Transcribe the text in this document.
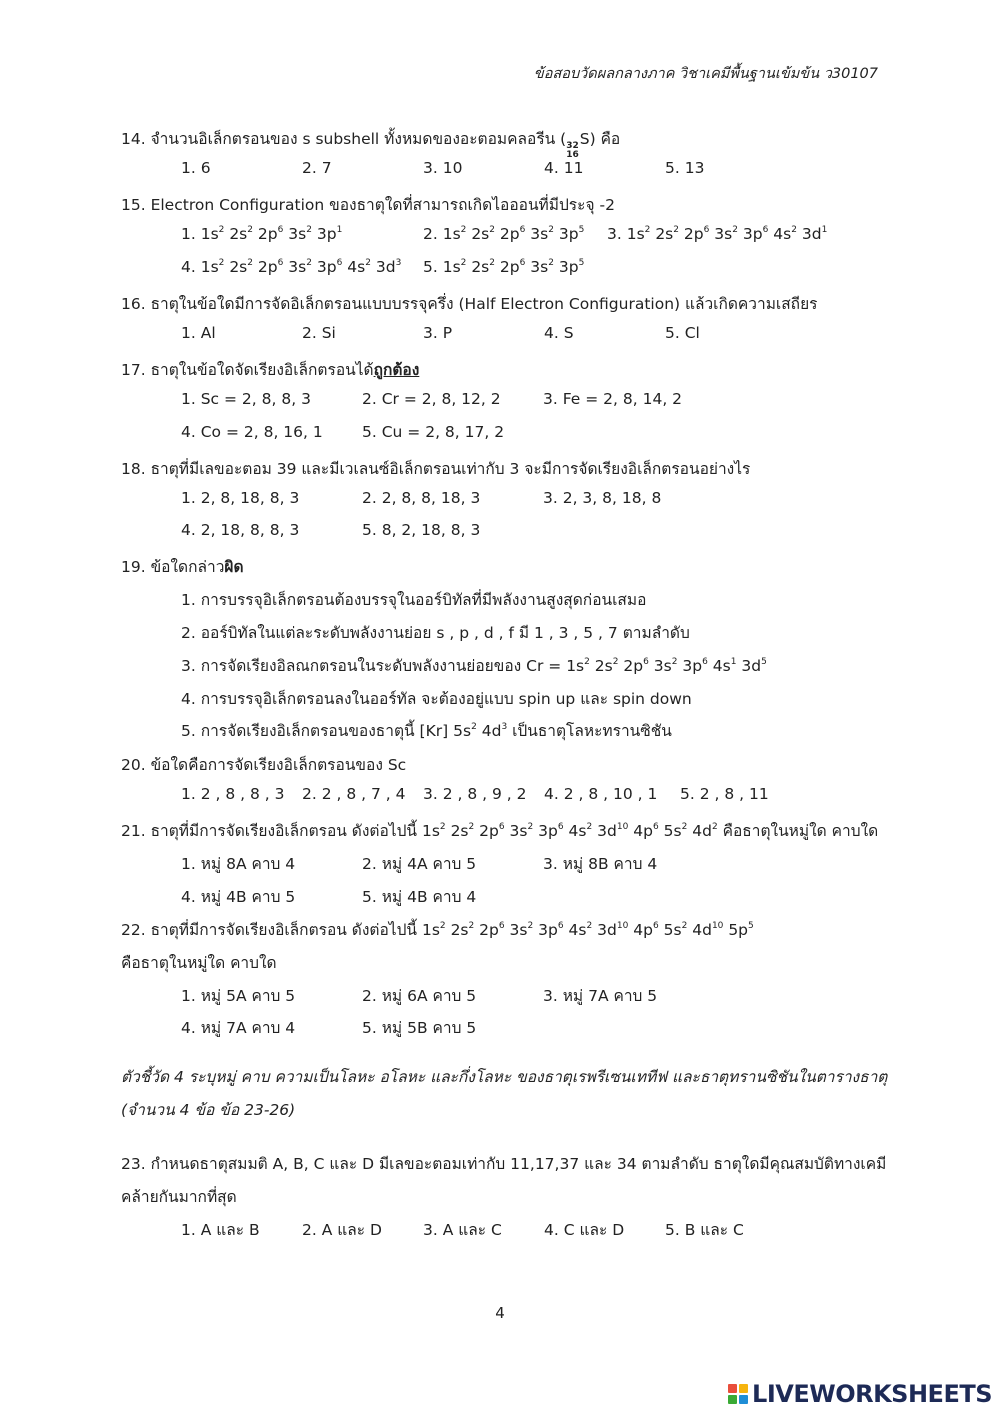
ข้อสอบวัดผลกลางภาค วิชาเคมีพื้นฐานเข้มข้น ว30107
14. จำนวนอิเล็กตรอนของ s subshell ทั้งหมดของอะตอมคลอรีน ( 32
16
S) คือ
1. 6	2. 7	3. 10	4. 11	5. 13
15. Electron Configuration ของธาตุใดที่สามารถเกิดไอออนที่มีประจุ -2
1. $1s^2$ $2s^2$ $2p^6$ $3s^2$ $3p^1$	2. $1s^2$ $2s^2$ $2p^6$ $3s^2$ $3p^5$ 3. $1s^2$ $2s^2$ $2p^6$ $3s^2$ $3p^6$ $4s^2$ $3d^1$
4. $1s^2$ $2s^2$ $2p^6$ $3s^2$ $3p^6$ $4s^2$ $3d^3$ 5. $1s^2$ $2s^2$ $2p^6$ $3s^2$ $3p^5$
16. ธาตุในข้อใดมีการจัดอิเล็กตรอนแบบบรรจุครึ่ง (Half Electron Configuration) แล้วเกิดความเสถียร
1. Al	2. Si	3. P	4. S	5. Cl
17. ธาตุในข้อใดจัดเรียงอิเล็กตรอนได้ถูกต้อง
1. Sc = 2, 8, 8, 3	2. Cr = 2, 8, 12, 2	3. Fe = 2, 8, 14, 2
4. Co = 2, 8, 16, 1	5. Cu = 2, 8, 17, 2
18. ธาตุที่มีเลขอะตอม 39 และมีเวเลนซ์อิเล็กตรอนเท่ากับ 3 จะมีการจัดเรียงอิเล็กตรอนอย่างไร
1. 2, 8, 18, 8, 3	2. 2, 8, 8, 18, 3	3. 2, 3, 8, 18, 8
4. 2, 18, 8, 8, 3	5. 8, 2, 18, 8, 3
19. ข้อใดกล่าวผิด
1. การบรรจุอิเล็กตรอนต้องบรรจุในออร์บิทัลที่มีพลังงานสูงสุดก่อนเสมอ
2. ออร์บิทัลในแต่ละระดับพลังงานย่อย s , p , d , f มี 1 , 3 , 5 , 7 ตามลำดับ
3. การจัดเรียงอิลณกตรอนในระดับพลังงานย่อยของ $Cr = 1s^2$ $2s^2$ $2p^6$ $3s^2$ $3p^6$ $4s^1$ $3d^5$
4. การบรรจุอิเล็กตรอนลงในออร์ทัล จะต้องอยู่แบบ spin up และ spin down
5. การจัดเรียงอิเล็กตรอนของธาตุนี้ [Kr] $5s^2$ $4d^3$ เป็นธาตุโลหะทรานซิชัน
20. ข้อใดคือการจัดเรียงอิเล็กตรอนของ Sc
1. 2 , 8 , 8 , 3 2. 2 , 8 , 7 , 4 3. 2 , 8 , 9 , 2 4. 2 , 8 , 10 , 1 5. 2 , 8 , 11
21. ธาตุที่มีการจัดเรียงอิเล็กตรอน ดังต่อไปนี้ $1s^2$ $2s^2$ $2p^6$ $3s^2$ $3p^6$ $4s^2$ $3d^{10}$ $4p^6$ $5s^2$ $4d^2$ คือธาตุในหมู่ใด คาบใด
1. หมู่ 8A คาบ 4	2. หมู่ 4A คาบ 5	3. หมู่ 8B คาบ 4
4. หมู่ 4B คาบ 5	5. หมู่ 4B คาบ 4
22. ธาตุที่มีการจัดเรียงอิเล็กตรอน ดังต่อไปนี้ $1s^2$ $2s^2$ $2p^6$ $3s^2$ $3p^6$ $4s^2$ $3d^{10}$ $4p^6$ $5s^2$ $4d^{10}$ $5p^5$
คือธาตุในหมู่ใด คาบใด
1. หมู่ 5A คาบ 5	2. หมู่ 6A คาบ 5	3. หมู่ 7A คาบ 5
4. หมู่ 7A คาบ 4	5. หมู่ 5B คาบ 5
ตัวชี้วัด 4 ระบุหมู่ คาบ ความเป็นโลหะ อโลหะ และกึ่งโลหะ ของธาตุเรพรีเซนเททีฟ และธาตุทรานซิชันในตารางธาตุ (จำนวน 4 ข้อ ข้อ 23-26)
23. กำหนดธาตุสมมติ A, B, C และ D มีเลขอะตอมเท่ากับ 11,17,37 และ 34 ตามลำดับ ธาตุใดมีคุณสมบัติทางเคมี
คล้ายกันมากที่สุด
1. A และ B	2. A และ D	3. A และ C	4. C และ D	5. B และ C
4
LIVEWORKSHEETS
